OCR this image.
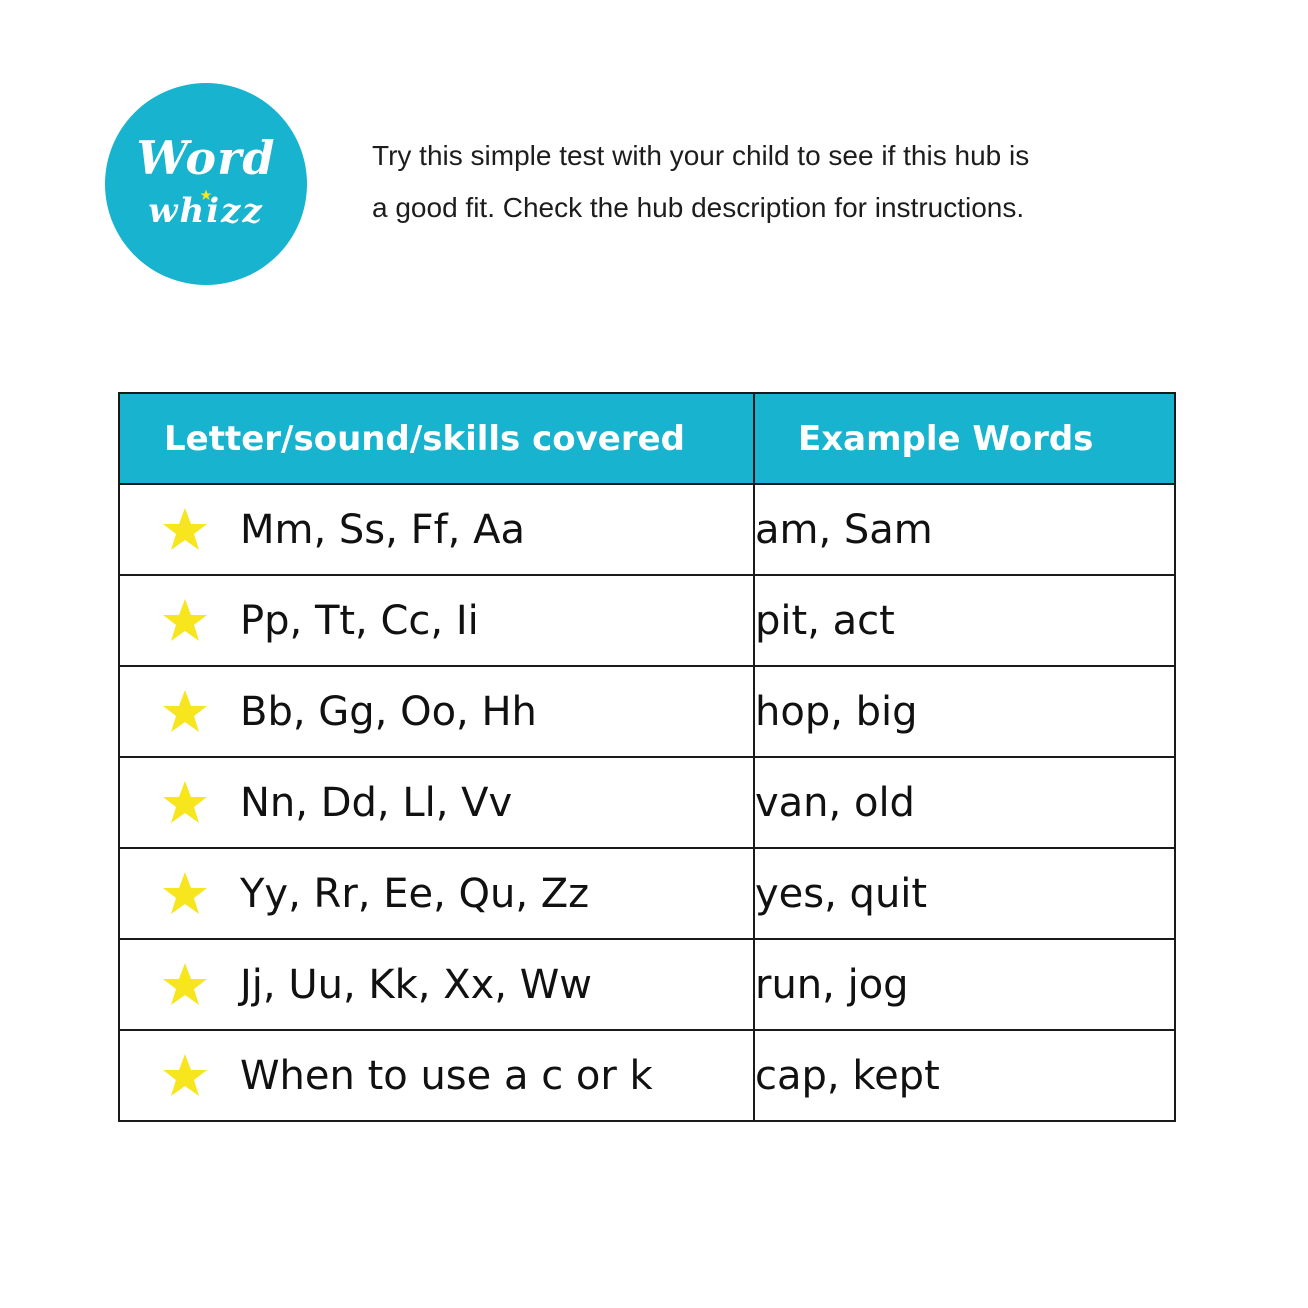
Word
whizz
Try this simple test with your child to see if this hub is
a good fit. Check the hub description for instructions.
Letter/sound/skills covered	Example Words

Mm, Ss, Ff, Aa	am, Sam

Pp, Tt, Cc, Ii	pit, act

Bb, Gg, Oo, Hh	hop, big

Nn, Dd, Ll, Vv	van, old

Yy, Rr, Ee, Qu, Zz	yes, quit

Jj, Uu, Kk, Xx, Ww	run, jog

When to use a c or k	cap, kept
